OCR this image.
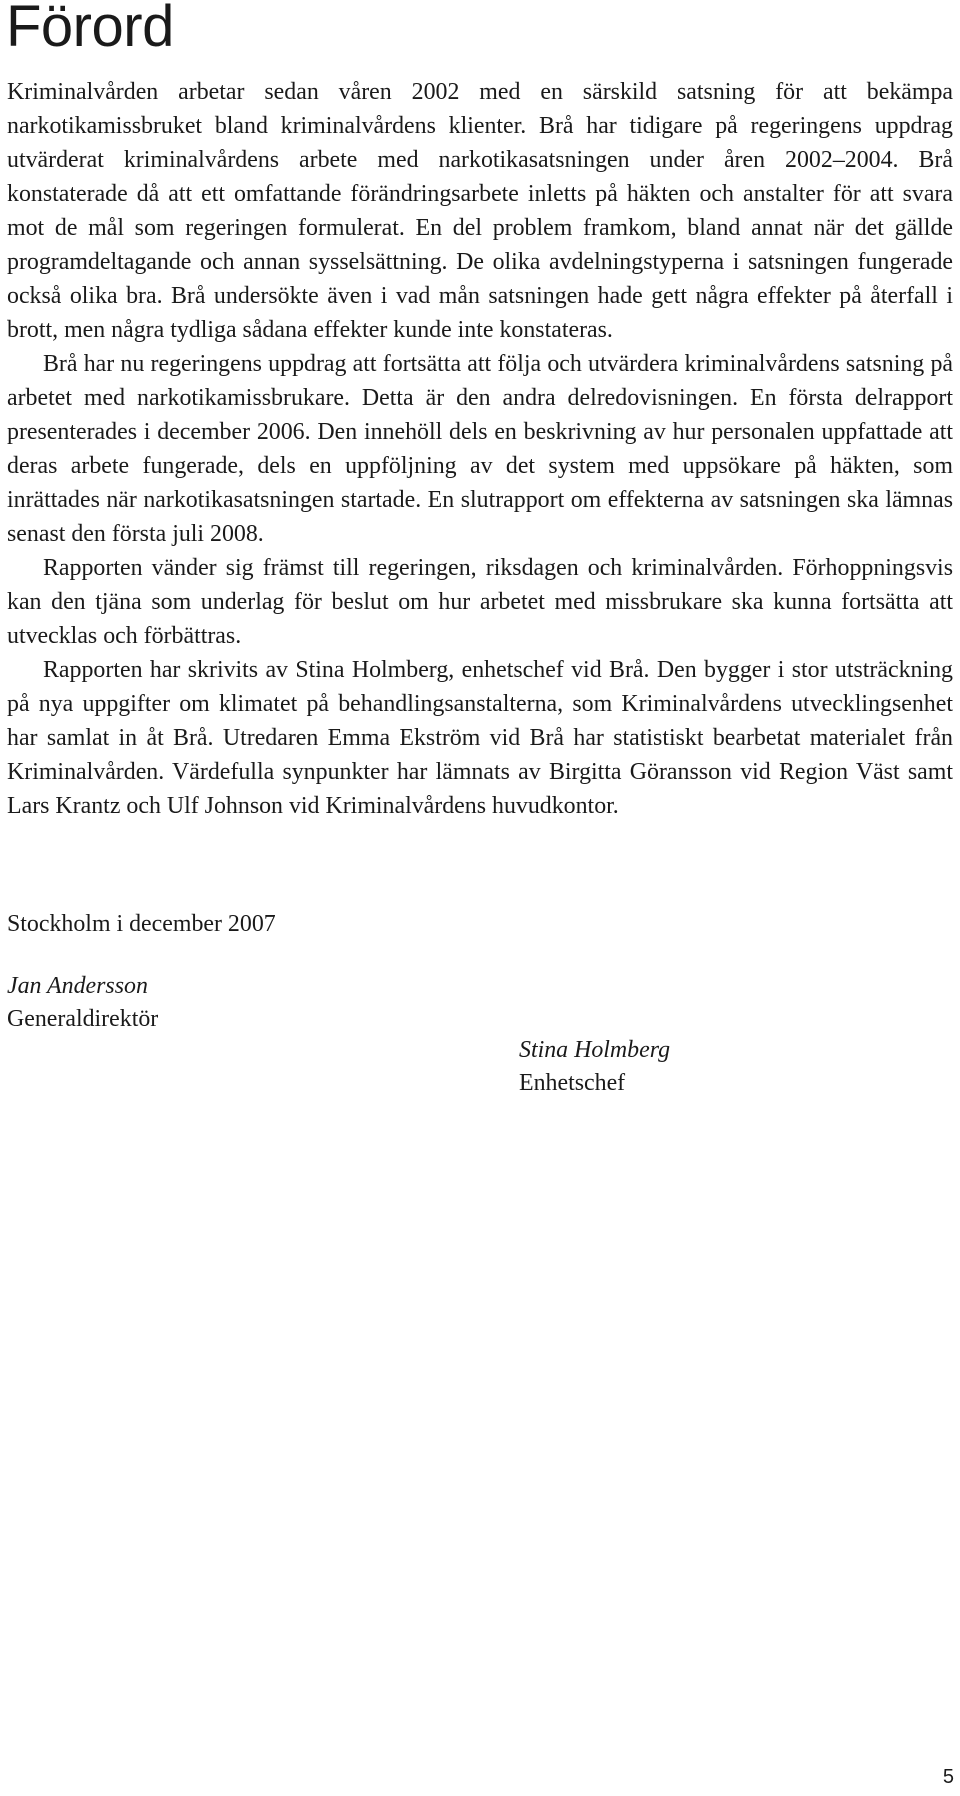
Förord

Kriminalvården arbetar sedan våren 2002 med en särskild satsning för att bekämpa narkotikamissbruket bland kriminalvårdens klienter. Brå har tidigare på regeringens uppdrag utvärderat kriminalvårdens arbete med narkotikasatsningen under åren 2002–2004. Brå konstaterade då att ett omfattande förändringsarbete inletts på häkten och anstalter för att svara mot de mål som regeringen formulerat. En del problem framkom, bland annat när det gällde programdeltagande och annan sysselsättning. De olika avdelningstyperna i satsningen fungerade också olika bra. Brå undersökte även i vad mån satsningen hade gett några effekter på återfall i brott, men några tydliga sådana effekter kunde inte konstateras.

Brå har nu regeringens uppdrag att fortsätta att följa och utvärdera kriminalvårdens satsning på arbetet med narkotikamissbrukare. Detta är den andra delredovisningen. En första delrapport presenterades i december 2006. Den innehöll dels en beskrivning av hur personalen uppfattade att deras arbete fungerade, dels en uppföljning av det system med uppsökare på häkten, som inrättades när narkotikasatsningen startade. En slutrapport om effekterna av satsningen ska lämnas senast den första juli 2008.

Rapporten vänder sig främst till regeringen, riksdagen och kriminalvården. Förhoppningsvis kan den tjäna som underlag för beslut om hur arbetet med missbrukare ska kunna fortsätta att utvecklas och förbättras.

Rapporten har skrivits av Stina Holmberg, enhetschef vid Brå. Den bygger i stor utsträckning på nya uppgifter om klimatet på behandlingsanstalterna, som Kriminalvårdens utvecklingsenhet har samlat in åt Brå. Utredaren Emma Ekström vid Brå har statistiskt bearbetat materialet från Kriminalvården. Värdefulla synpunkter har lämnats av Birgitta Göransson vid Region Väst samt Lars Krantz och Ulf Johnson vid Kriminalvårdens huvudkontor.

Stockholm i december 2007

Jan Andersson
Generaldirektör
Stina Holmberg
Enhetschef
5
